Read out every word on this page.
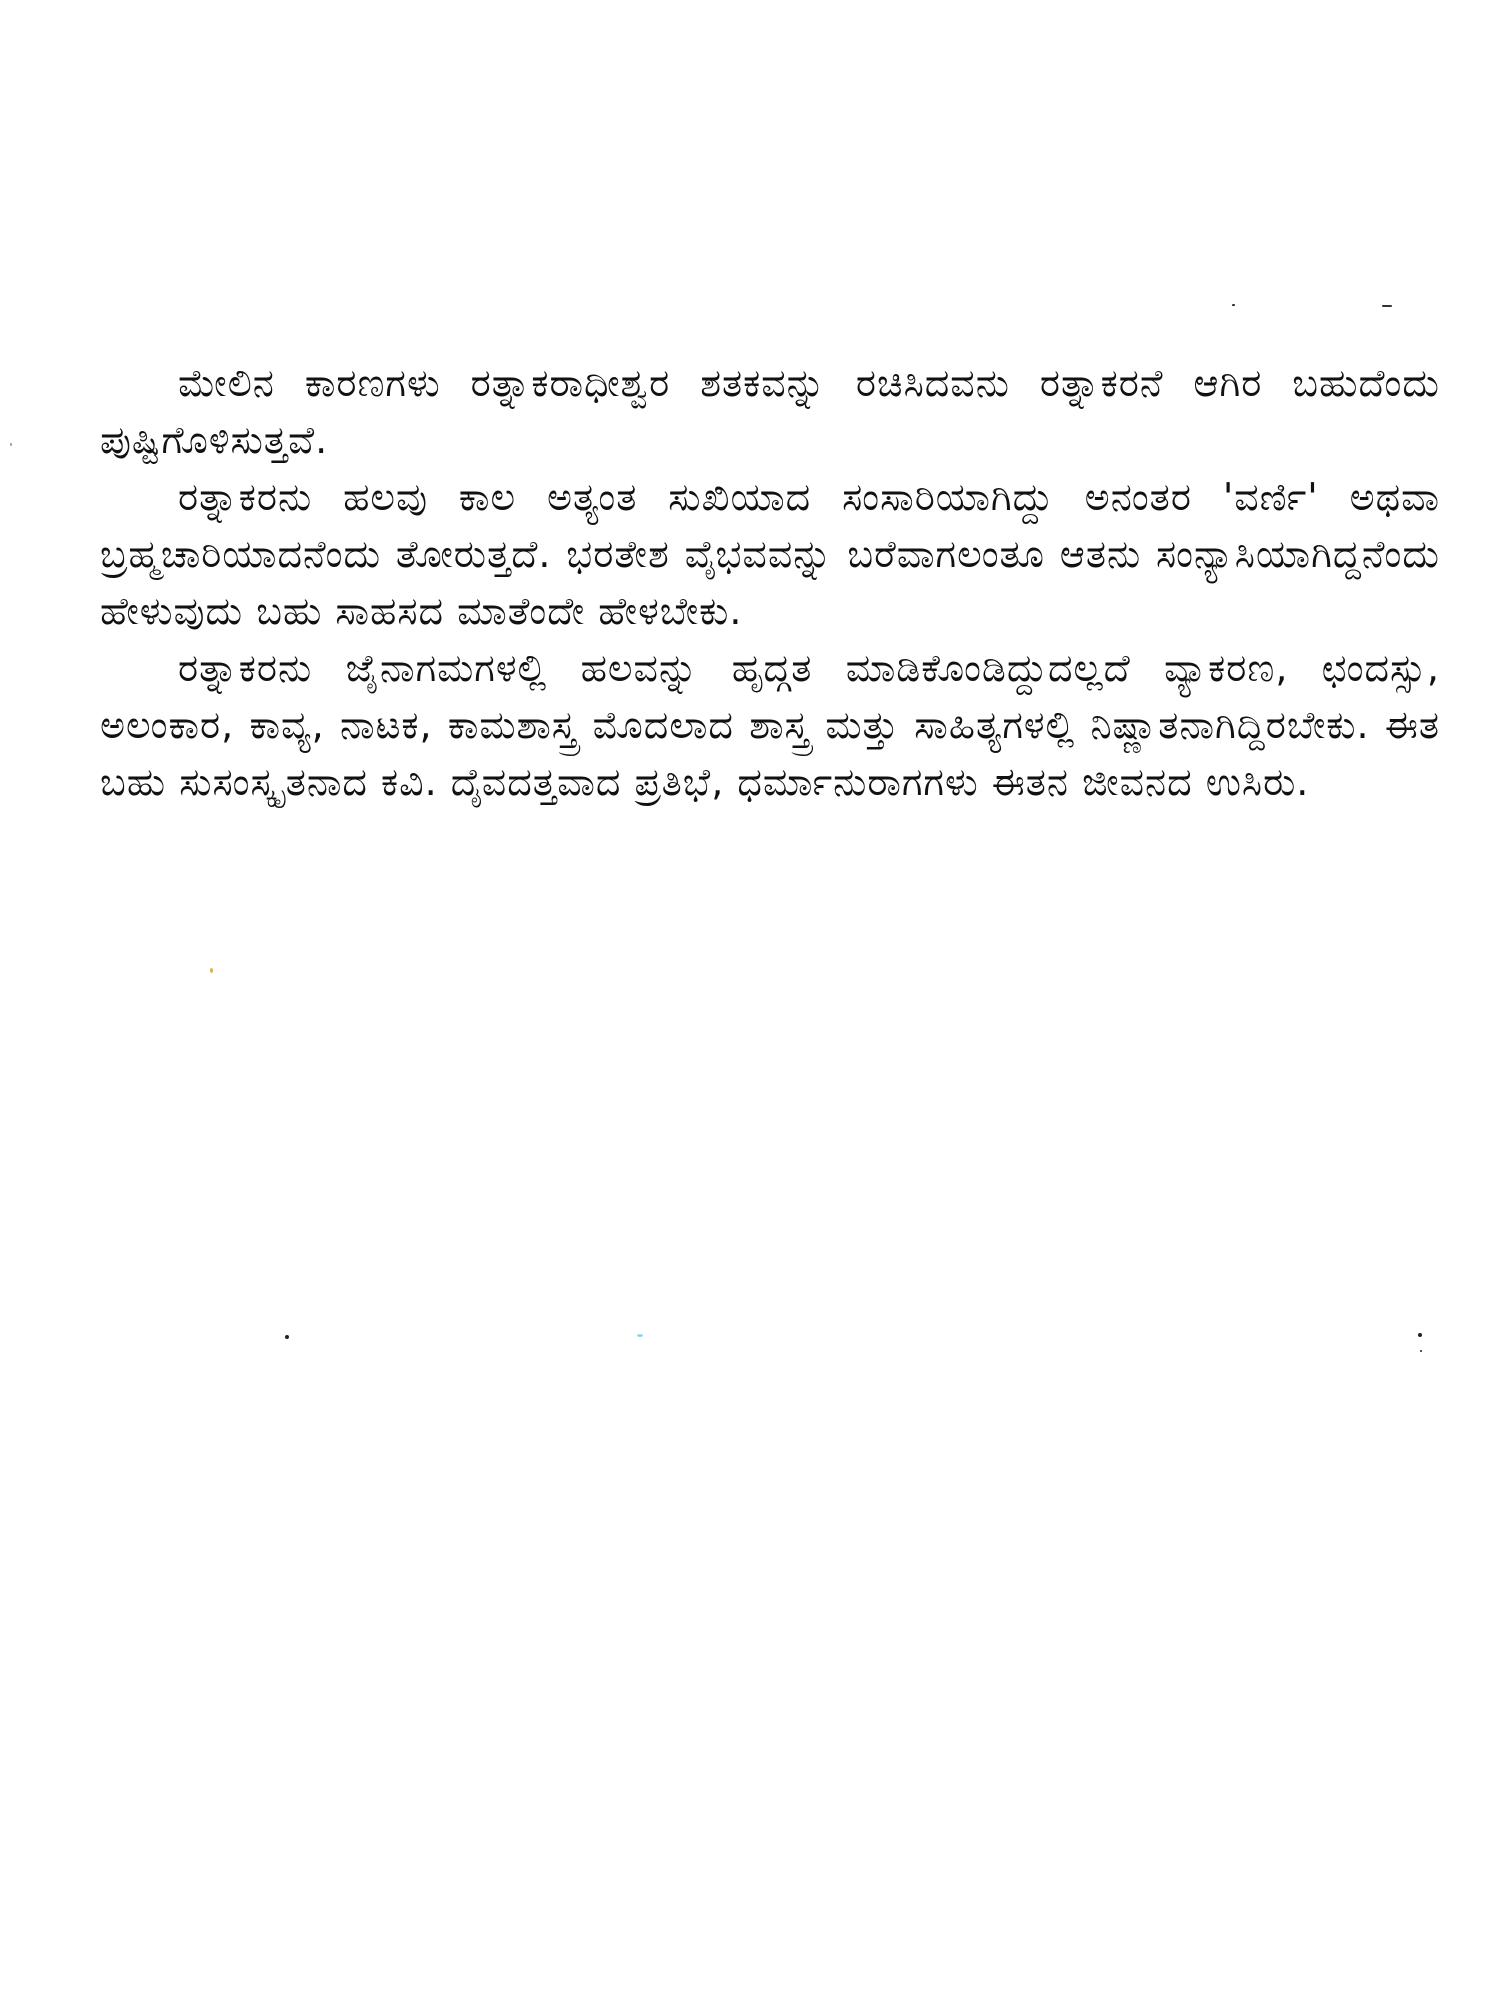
ಮೇಲಿನ ಕಾರಣಗಳು ರತ್ನಾಕರಾಧೀಶ್ವರ ಶತಕವನ್ನು ರಚಿಸಿದವನು ರತ್ನಾಕರನೆ ಆಗಿರ ಬಹುದೆಂದು ಪುಷ್ಟಿಗೊಳಿಸುತ್ತವೆ.

ರತ್ನಾಕರನು ಹಲವು ಕಾಲ ಅತ್ಯಂತ ಸುಖಿಯಾದ ಸಂಸಾರಿಯಾಗಿದ್ದು ಅನಂತರ 'ವರ್ಣಿ' ಅಥವಾ ಬ್ರಹ್ಮಚಾರಿಯಾದನೆಂದು ತೋರುತ್ತದೆ. ಭರತೇಶ ವೈಭವವನ್ನು ಬರೆವಾಗಲಂತೂ ಆತನು ಸಂನ್ಯಾಸಿಯಾಗಿದ್ದನೆಂದು ಹೇಳುವುದು ಬಹು ಸಾಹಸದ ಮಾತೆಂದೇ ಹೇಳಬೇಕು.

ರತ್ನಾಕರನು ಜೈನಾಗಮಗಳಲ್ಲಿ ಹಲವನ್ನು ಹೃದ್ಗತ ಮಾಡಿಕೊಂಡಿದ್ದುದಲ್ಲದೆ ವ್ಯಾಕರಣ, ಛಂದಸ್ಸು, ಅಲಂಕಾರ, ಕಾವ್ಯ, ನಾಟಕ, ಕಾಮಶಾಸ್ತ್ರ ಮೊದಲಾದ ಶಾಸ್ತ್ರ ಮತ್ತು ಸಾಹಿತ್ಯಗಳಲ್ಲಿ ನಿಷ್ಣಾತನಾಗಿದ್ದಿರಬೇಕು. ಈತ ಬಹು ಸುಸಂಸ್ಕೃತನಾದ ಕವಿ. ದೈವದತ್ತವಾದ ಪ್ರತಿಭೆ, ಧರ್ಮಾನುರಾಗಗಳು ಈತನ ಜೀವನದ ಉಸಿರು.
